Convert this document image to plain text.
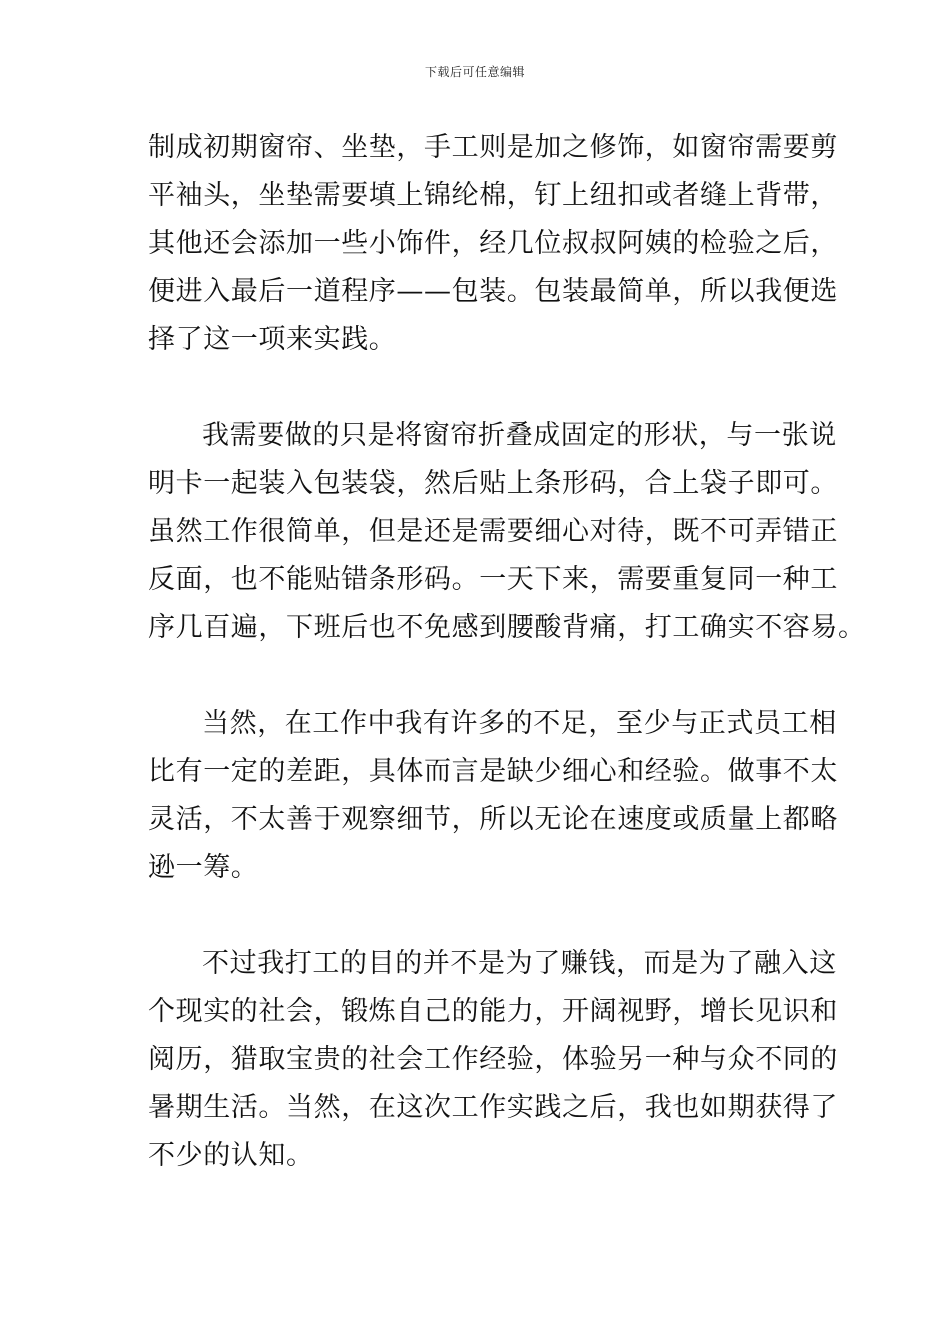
下载后可任意编辑
制成初期窗帘、坐垫，手工则是加之修饰，如窗帘需要剪
平袖头，坐垫需要填上锦纶棉，钉上纽扣或者缝上背带，
其他还会添加一些小饰件，经几位叔叔阿姨的检验之后，
便进入最后一道程序——包装。包装最简单，所以我便选
择了这一项来实践。
我需要做的只是将窗帘折叠成固定的形状，与一张说
明卡一起装入包装袋，然后贴上条形码，合上袋子即可。
虽然工作很简单，但是还是需要细心对待，既不可弄错正
反面，也不能贴错条形码。一天下来，需要重复同一种工
序几百遍，下班后也不免感到腰酸背痛，打工确实不容易。
当然，在工作中我有许多的不足，至少与正式员工相
比有一定的差距，具体而言是缺少细心和经验。做事不太
灵活，不太善于观察细节，所以无论在速度或质量上都略
逊一筹。
不过我打工的目的并不是为了赚钱，而是为了融入这
个现实的社会，锻炼自己的能力，开阔视野，增长见识和
阅历，猎取宝贵的社会工作经验，体验另一种与众不同的
暑期生活。当然，在这次工作实践之后，我也如期获得了
不少的认知。
